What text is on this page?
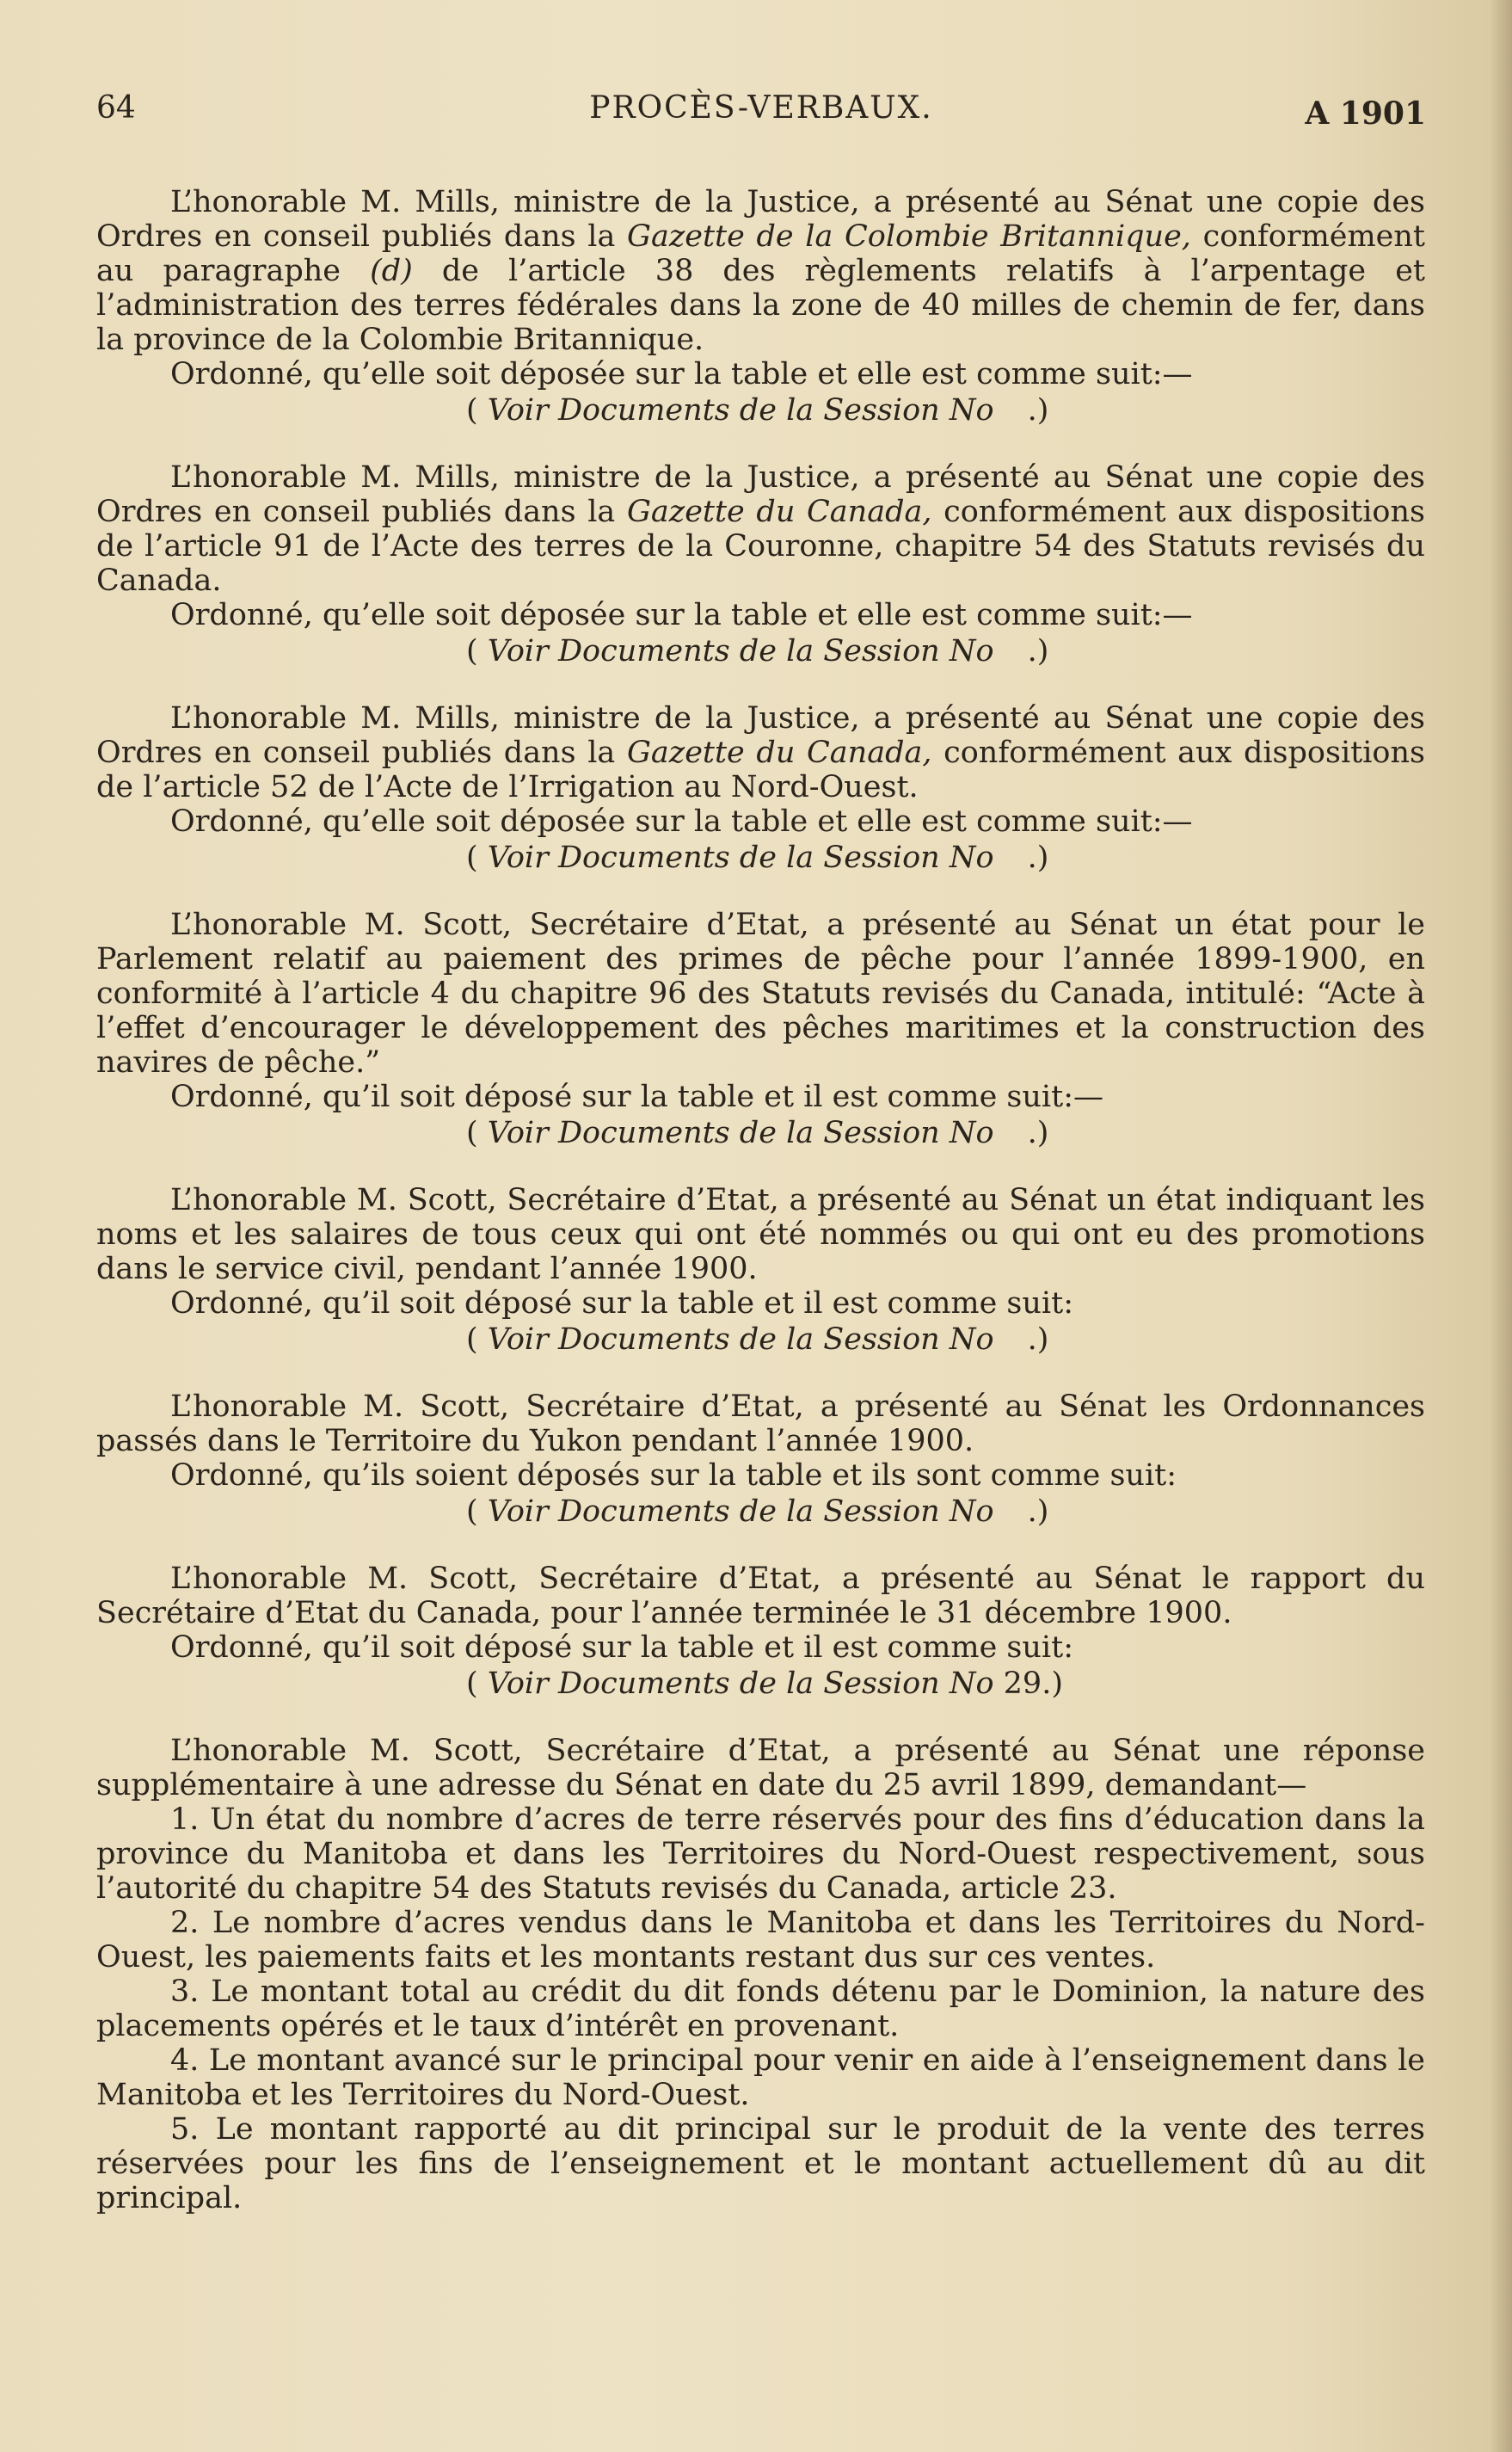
64	PROCÈS-VERBAUX.	A 1901

L’honorable M. Mills, ministre de la Justice, a présenté au Sénat une copie des Ordres en conseil publiés dans la Gazette de la Colombie Britannique, conformément au paragraphe (d) de l’article 38 des règlements relatifs à l’arpentage et l’administration des terres fédérales dans la zone de 40 milles de chemin de fer, dans la province de la Colombie Britannique.

Ordonné, qu’elle soit déposée sur la table et elle est comme suit:—

( Voir Documents de la Session No .)

L’honorable M. Mills, ministre de la Justice, a présenté au Sénat une copie des Ordres en conseil publiés dans la Gazette du Canada, conformément aux dispositions de l’article 91 de l’Acte des terres de la Couronne, chapitre 54 des Statuts revisés du Canada.

Ordonné, qu’elle soit déposée sur la table et elle est comme suit:—

( Voir Documents de la Session No .)

L’honorable M. Mills, ministre de la Justice, a présenté au Sénat une copie des Ordres en conseil publiés dans la Gazette du Canada, conformément aux dispositions de l’article 52 de l’Acte de l’Irrigation au Nord-Ouest.

Ordonné, qu’elle soit déposée sur la table et elle est comme suit:—

( Voir Documents de la Session No .)

L’honorable M. Scott, Secrétaire d’Etat, a présenté au Sénat un état pour le Parlement relatif au paiement des primes de pêche pour l’année 1899-1900, en conformité à l’article 4 du chapitre 96 des Statuts revisés du Canada, intitulé: “Acte à l’effet d’encourager le développement des pêches maritimes et la construction des navires de pêche.”

Ordonné, qu’il soit déposé sur la table et il est comme suit:—

( Voir Documents de la Session No .)

L’honorable M. Scott, Secrétaire d’Etat, a présenté au Sénat un état indiquant les noms et les salaires de tous ceux qui ont été nommés ou qui ont eu des promotions dans le service civil, pendant l’année 1900.

Ordonné, qu’il soit déposé sur la table et il est comme suit:

( Voir Documents de la Session No .)

L’honorable M. Scott, Secrétaire d’Etat, a présenté au Sénat les Ordonnances passés dans le Territoire du Yukon pendant l’année 1900.

Ordonné, qu’ils soient déposés sur la table et ils sont comme suit:

( Voir Documents de la Session No .)

L’honorable M. Scott, Secrétaire d’Etat, a présenté au Sénat le rapport du Secrétaire d’Etat du Canada, pour l’année terminée le 31 décembre 1900.

Ordonné, qu’il soit déposé sur la table et il est comme suit:

( Voir Documents de la Session No 29.)

L’honorable M. Scott, Secrétaire d’Etat, a présenté au Sénat une réponse supplémentaire à une adresse du Sénat en date du 25 avril 1899, demandant—

1. Un état du nombre d’acres de terre réservés pour des fins d’éducation dans la province du Manitoba et dans les Territoires du Nord-Ouest respectivement, sous l’autorité du chapitre 54 des Statuts revisés du Canada, article 23.

2. Le nombre d’acres vendus dans le Manitoba et dans les Territoires du Nord-Ouest, les paiements faits et les montants restant dus sur ces ventes.

3. Le montant total au crédit du dit fonds détenu par le Dominion, la nature des placements opérés et le taux d’intérêt en provenant.

4. Le montant avancé sur le principal pour venir en aide à l’enseignement dans le Manitoba et les Territoires du Nord-Ouest.

5. Le montant rapporté au dit principal sur le produit de la vente des terres réservées pour les fins de l’enseignement et le montant actuellement dû au dit principal.
